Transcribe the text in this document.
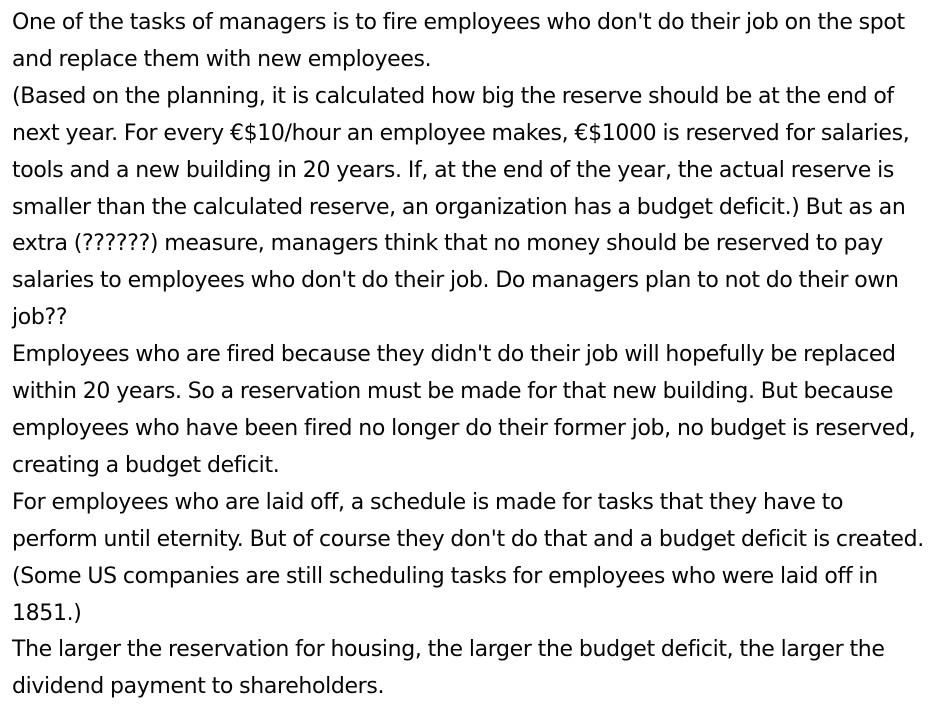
One of the tasks of managers is to fire employees who don't do their job on the spot and replace them with new employees.

(Based on the planning, it is calculated how big the reserve should be at the end of next year. For every €$10/hour an employee makes, €$1000 is reserved for salaries, tools and a new building in 20 years. If, at the end of the year, the actual reserve is smaller than the calculated reserve, an organization has a budget deficit.) But as an extra (??????) measure, managers think that no money should be reserved to pay salaries to employees who don't do their job. Do managers plan to not do their own job??

Employees who are fired because they didn't do their job will hopefully be replaced within 20 years. So a reservation must be made for that new building. But because employees who have been fired no longer do their former job, no budget is reserved, creating a budget deficit.

For employees who are laid off, a schedule is made for tasks that they have to perform until eternity. But of course they don't do that and a budget deficit is created. (Some US companies are still scheduling tasks for employees who were laid off in 1851.)

The larger the reservation for housing, the larger the budget deficit, the larger the dividend payment to shareholders.
